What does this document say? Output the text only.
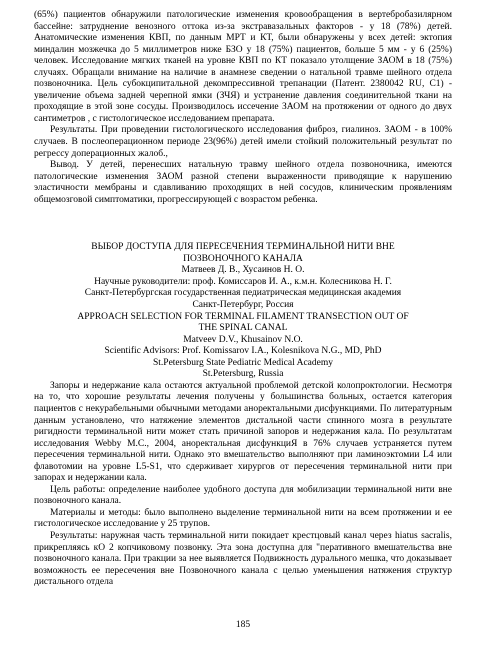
(65%) пациентов обнаружили патологические изменения кровообращения в вертебробазилярном бассейне: затруднение венозного оттока из-за экстравазальных факторов - у 18 (78%) детей. Анатомические изменения КВП, по данным МРТ и КТ, были обнаружены у всех детей: эктопия миндалин мозжечка до 5 миллиметров ниже БЗО у 18 (75%) пациентов, больше 5 мм - у 6 (25%) человек. Исследование мягких тканей на уровне КВП по КТ показало утолщение ЗАОМ в 18 (75%) случаях. Обращали внимание на наличие в анамнезе сведении о натальной травме шейного отдела позвоночника. Цель субокципитальной декомпрессивной трепанации (Патент. 2380042 RU, C1) - увеличение объема задней черепной ямки (ЗЧЯ) и устранение давления соединительной ткани на проходящие в этой зоне сосуды. Производилось иссечение ЗАОМ на протяжении от одного до двух сантиметров , с гистологическое исследованием препарата.

Результаты. При проведении гистологического исследования фиброз, гиалиноз. ЗАОМ - в 100% случаев. В послеоперационном периоде 23(96%) детей имели стойкий положительный результат по регрессу доперационных жалоб.,

Вывод. У детей, перенесших натальную травму шейного отдела позвоночника, имеются патологические изменения ЗАОМ разной степени выраженности приводящие к нарушению эластичности мембраны и сдавливанию проходящих в ней сосудов, клиническим проявлениям общемозговой симптоматики, прогрессирующей с возрастом ребенка.

ВЫБОР ДОСТУПА ДЛЯ ПЕРЕСЕЧЕНИЯ ТЕРМИНАЛЬНОЙ НИТИ ВНЕ
ПОЗВОНОЧНОГО КАНАЛА
Матвеев Д. В., Хусаинов Н. О.
Научные руководители: проф. Комиссаров И. А., к.м.н. Колесникова Н. Г.
Санкт-Петербургская государственная педиатрическая медицинская академия
Санкт-Петербург, Россия
APPROACH SELECTION FOR TERMINAL FILAMENT TRANSECTION OUT OF
THE SPINAL CANAL
Matveev D.V., Khusainov N.O.
Scientific Advisors: Prof. Komissarov I.A., Kolesnikova N.G., MD, PhD
St.Petersburg State Pediatric Medical Academy
St.Petersburg, Russia

Запоры и недержание кала остаются актуальной проблемой детской колопроктологии. Несмотря на то, что хорошие результаты лечения получены у большинства больных, остается категория пациентов с некурабельными обычными методами аноректальными дисфункциями. По литературным данным установлено, что натяжение элементов дистальной части спинного мозга в результате ригидности терминальной нити может стать причиной запоров и недержания кала. По результатам исследования Webby M.C., 2004, аноректальная дисфункциЯ в 76% случаев устраняется путем пересечения терминальной нити. Однако это вмешательство выполняют при ламиноэктомии L4 или флавотомии на уровне L5-S1, что сдерживает хирургов от пересечения терминальной нити при запорах и недержании кала.

Цель работы: определение наиболее удобного доступа для мобилизации терминальной нити вне позвоночного канала.

Материалы и методы: было выполнено выделение терминальной нити на всем протяжении и ее гистологическое исследование у 25 трупов.

Результаты: наружная часть терминальной нити покидает крестцовый канал через hiatus sacralis, прикрепляясь кО 2 копчиковому позвонку. Эта зона доступна для "перативного вмешательства вне позвоночного канала. При тракции за нее выявляется Подвижность дурального мешка, что доказывает возможность ее пересечения вне Позвоночного канала с целью уменьшения натяжения структур дистального отдела

185
